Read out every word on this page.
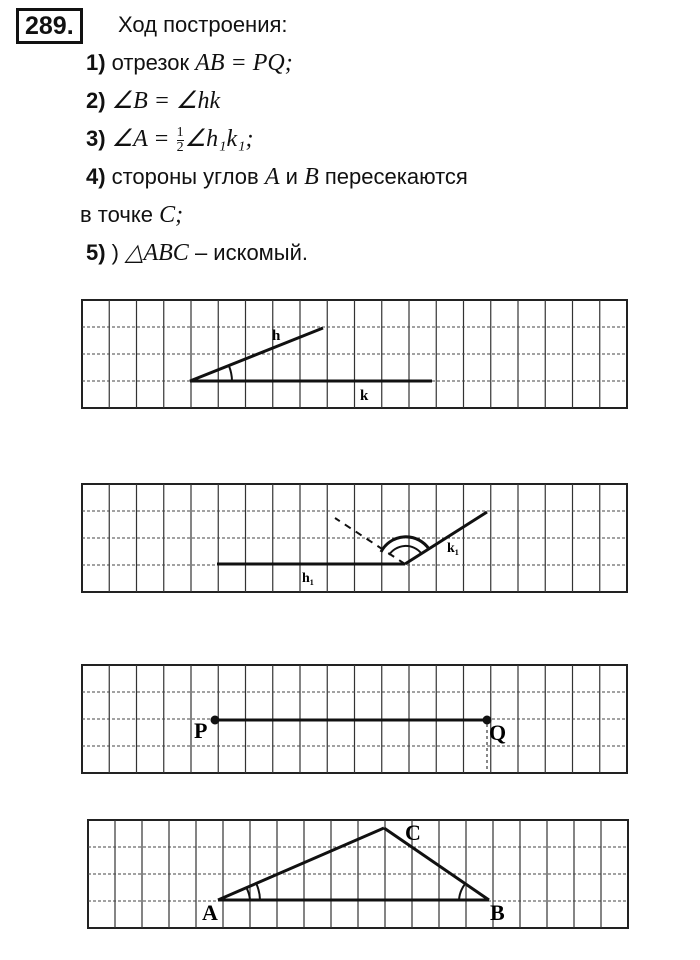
289.	Ход построения:
1) отрезок AB = PQ;
2) ∠B = ∠hk
3) ∠A = $\frac{1}{2}$ ∠h₁k₁;
4) стороны углов A и B пересекаются
в точке C;
5) ) △ABC – искомый.
h
k
h₁
k₁
P	Q
A	B
C
